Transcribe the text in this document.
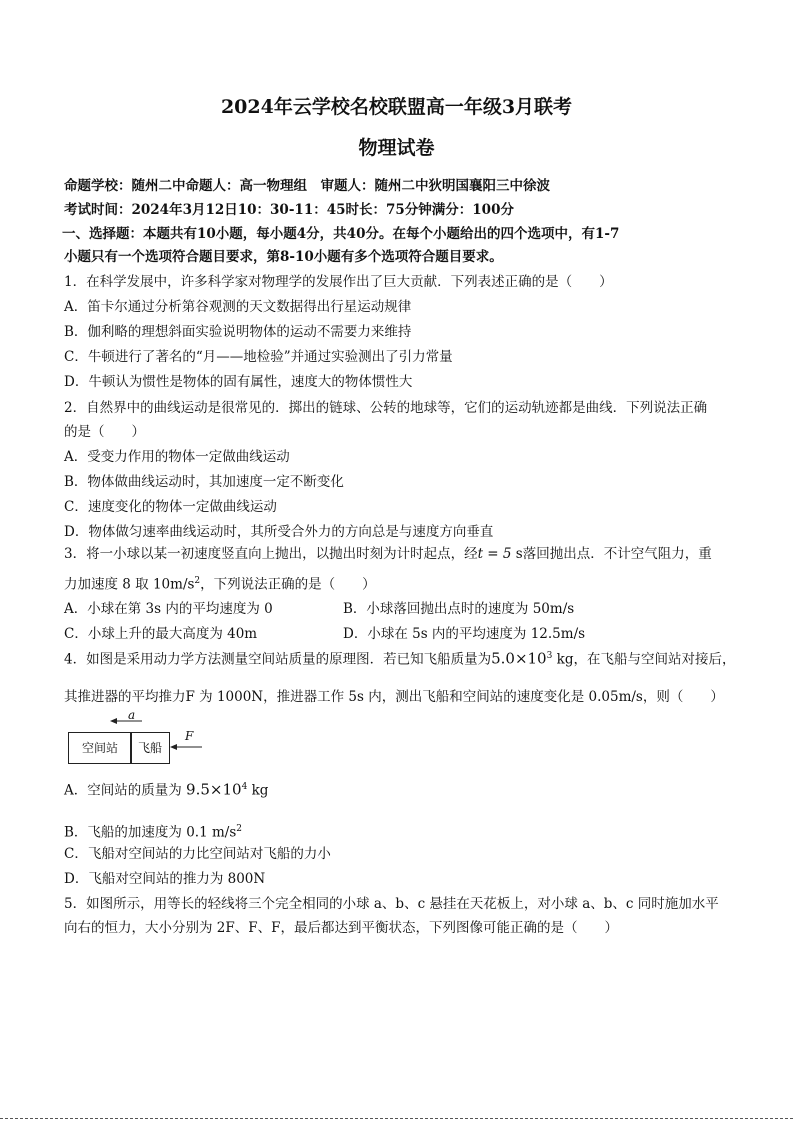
2024年云学校名校联盟高一年级3月联考
物理试卷
命题学校：随州二中命题人：高一物理组　审题人：随州二中狄明国襄阳三中徐波
考试时间：2024年3月12日10：30-11：45时长：75分钟满分：100分
一、选择题：本题共有10小题，每小题4分，共40分。在每个小题给出的四个选项中，有1-7
小题只有一个选项符合题目要求，第8-10小题有多个选项符合题目要求。
1．在科学发展中，许多科学家对物理学的发展作出了巨大贡献．下列表述正确的是（　　）
A．笛卡尔通过分析第谷观测的天文数据得出行星运动规律
B．伽利略的理想斜面实验说明物体的运动不需要力来维持
C．牛顿进行了著名的“月——地检验”并通过实验测出了引力常量
D．牛顿认为惯性是物体的固有属性，速度大的物体惯性大
2．自然界中的曲线运动是很常见的．掷出的链球、公转的地球等，它们的运动轨迹都是曲线．下列说法正确
的是（　　）
A．受变力作用的物体一定做曲线运动
B．物体做曲线运动时，其加速度一定不断变化
C．速度变化的物体一定做曲线运动
D．物体做匀速率曲线运动时，其所受合外力的方向总是与速度方向垂直
3．将一小球以某一初速度竖直向上抛出，以抛出时刻为计时起点，经t = 5 s落回抛出点．不计空气阻力，重
力加速度 8 取 $10m/s^2$，下列说法正确的是（　　）
A．小球在第 3s 内的平均速度为 0	B．小球落回抛出点时的速度为 50m/s
C．小球上升的最大高度为 40m	D．小球在 5s 内的平均速度为 12.5m/s
4．如图是采用动力学方法测量空间站质量的原理图．若已知飞船质量为$5.0\times 10^3$ kg，在飞船与空间站对接后，
其推进器的平均推力F 为 1000N，推进器工作 5s 内，测出飞船和空间站的速度变化是 0.05m/s，则（　　）
a
F
空间站	飞船
A．空间站的质量为 $9.5\times 10^4$ kg
B．飞船的加速度为 0.1 $m/s^2$
C．飞船对空间站的力比空间站对飞船的力小
D．飞船对空间站的推力为 800N
5．如图所示，用等长的轻线将三个完全相同的小球 a、b、c 悬挂在天花板上，对小球 a、b、c 同时施加水平
向右的恒力，大小分别为 2F、F、F，最后都达到平衡状态，下列图像可能正确的是（　　）
